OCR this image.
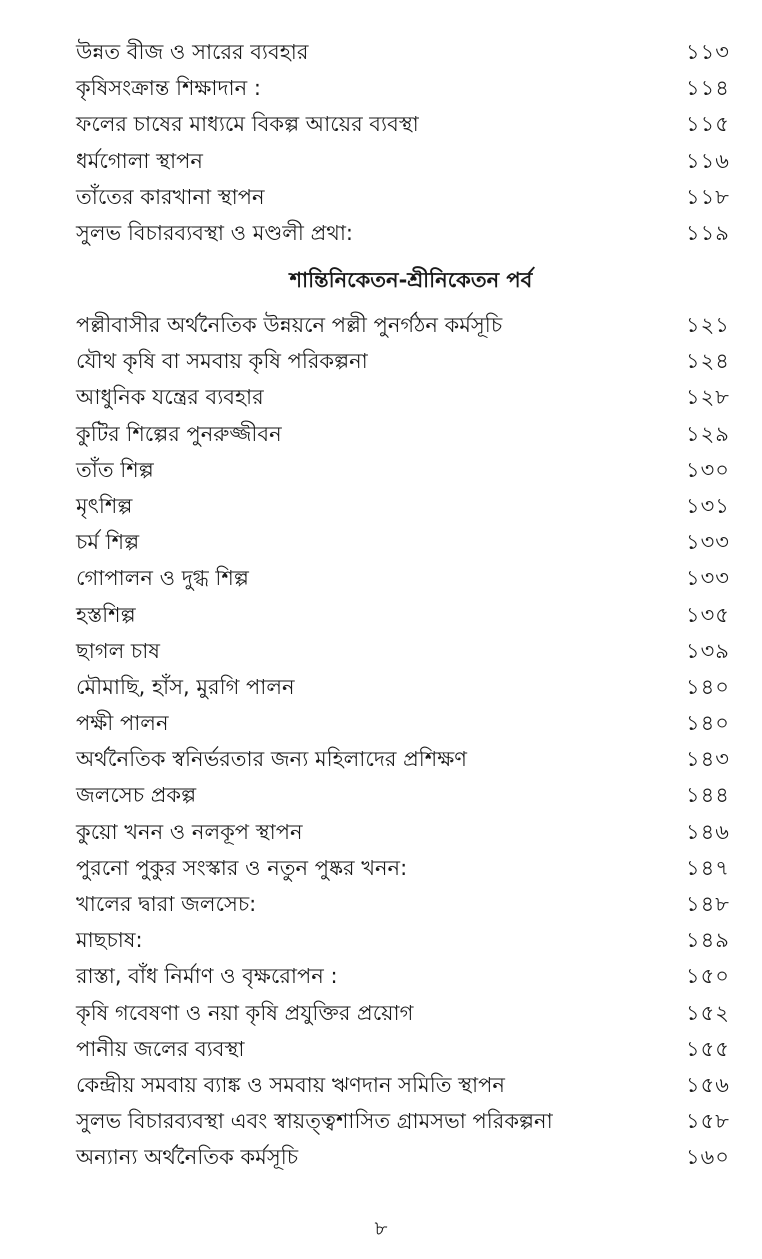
উন্নত বীজ ও সারের ব্যবহার	১১৩
কৃষিসংক্রান্ত শিক্ষাদান :	১১৪
ফলের চাষের মাধ্যমে বিকল্প আয়ের ব্যবস্থা	১১৫
ধর্মগোলা স্থাপন	১১৬
তাঁতের কারখানা স্থাপন	১১৮
সুলভ বিচারব্যবস্থা ও মণ্ডলী প্রথা:	১১৯
শান্তিনিকেতন-শ্রীনিকেতন পর্ব
পল্লীবাসীর অর্থনৈতিক উন্নয়নে পল্লী পুনর্গঠন কর্মসূচি	১২১
যৌথ কৃষি বা সমবায় কৃষি পরিকল্পনা	১২৪
আধুনিক যন্ত্রের ব্যবহার	১২৮
কুটির শিল্পের পুনরুজ্জীবন	১২৯
তাঁত শিল্প	১৩০
মৃৎশিল্প	১৩১
চর্ম শিল্প	১৩৩
গোপালন ও দুগ্ধ শিল্প	১৩৩
হস্তশিল্প	১৩৫
ছাগল চাষ	১৩৯
মৌমাছি, হাঁস, মুরগি পালন	১৪০
পক্ষী পালন	১৪০
অর্থনৈতিক স্বনির্ভরতার জন্য মহিলাদের প্রশিক্ষণ	১৪৩
জলসেচ প্রকল্প	১৪৪
কুয়ো খনন ও নলকূপ স্থাপন	১৪৬
পুরনো পুকুর সংস্কার ও নতুন পুষ্কর খনন:	১৪৭
খালের দ্বারা জলসেচ:	১৪৮
মাছচাষ:	১৪৯
রাস্তা, বাঁধ নির্মাণ ও বৃক্ষরোপন :	১৫০
কৃষি গবেষণা ও নয়া কৃষি প্রযুক্তির প্রয়োগ	১৫২
পানীয় জলের ব্যবস্থা	১৫৫
কেন্দ্রীয় সমবায় ব্যাঙ্ক ও সমবায় ঋণদান সমিতি স্থাপন	১৫৬
সুলভ বিচারব্যবস্থা এবং স্বায়ত্ত্বশাসিত গ্রামসভা পরিকল্পনা	১৫৮
অন্যান্য অর্থনৈতিক কর্মসূচি	১৬০
৮
